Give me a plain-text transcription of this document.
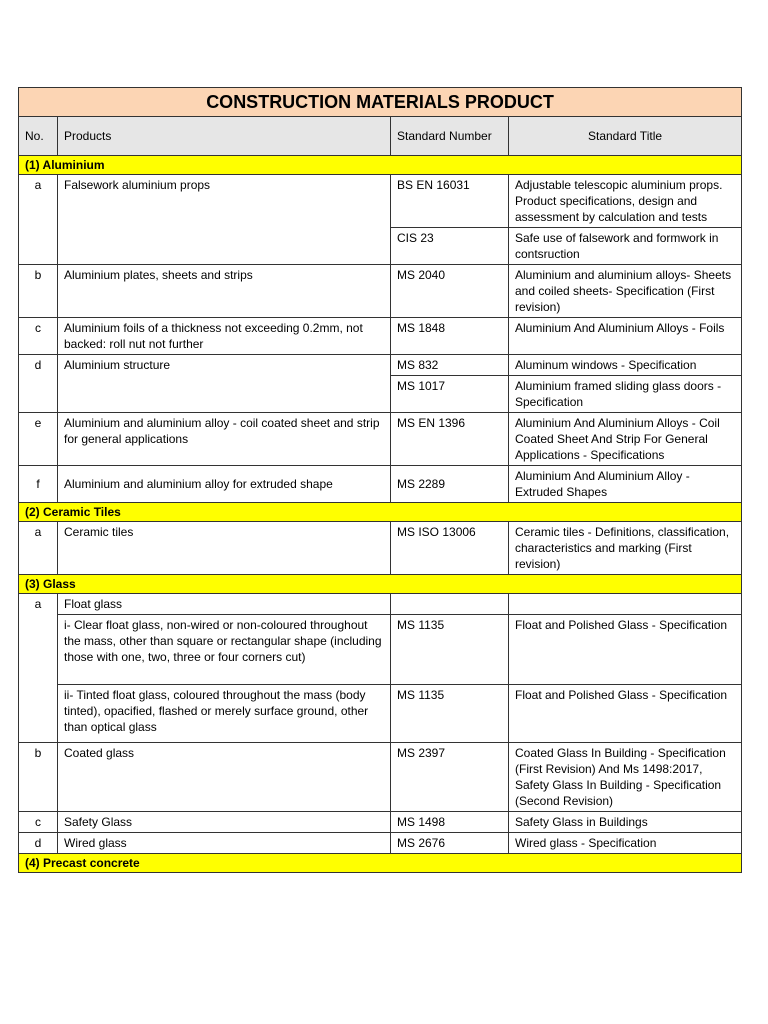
CONSTRUCTION MATERIALS PRODUCT			
No.	Products	Standard Number	Standard Title
(1) Aluminium			
a	Falsework aluminium props	BS EN 16031	Adjustable telescopic aluminium props. Product specifications, design and assessment by calculation and tests
		CIS 23	Safe use of falsework and formwork in contsruction
b	Aluminium plates, sheets and strips	MS 2040	Aluminium and aluminium alloys- Sheets and coiled sheets- Specification (First revision)
c	Aluminium foils of a thickness not exceeding 0.2mm, not backed: roll nut not further	MS 1848	Aluminium And Aluminium Alloys - Foils
d	Aluminium structure	MS 832	Aluminum windows - Specification
		MS 1017	Aluminium framed sliding glass doors - Specification
e	Aluminium and aluminium alloy - coil coated sheet and strip for general applications	MS EN 1396	Aluminium And Aluminium Alloys - Coil Coated Sheet And Strip For General Applications - Specifications
f	Aluminium and aluminium alloy for extruded shape	MS 2289	Aluminium And Aluminium Alloy - Extruded Shapes
(2) Ceramic Tiles			
a	Ceramic tiles	MS ISO 13006	Ceramic tiles - Definitions, classification, characteristics and marking (First revision)
(3) Glass			
a	Float glass		
	i- Clear float glass, non-wired or non-coloured throughout the mass, other than square or rectangular shape (including those with one, two, three or four corners cut)	MS 1135	Float and Polished Glass - Specification
	ii- Tinted float glass, coloured throughout the mass (body tinted), opacified, flashed or merely surface ground, other than optical glass	MS 1135	Float and Polished Glass - Specification
b	Coated glass	MS 2397	Coated Glass In Building - Specification (First Revision) And Ms 1498:2017, Safety Glass In Building - Specification (Second Revision)
c	Safety Glass	MS 1498	Safety Glass in Buildings
d	Wired glass	MS 2676	Wired glass - Specification
(4) Precast concrete			
